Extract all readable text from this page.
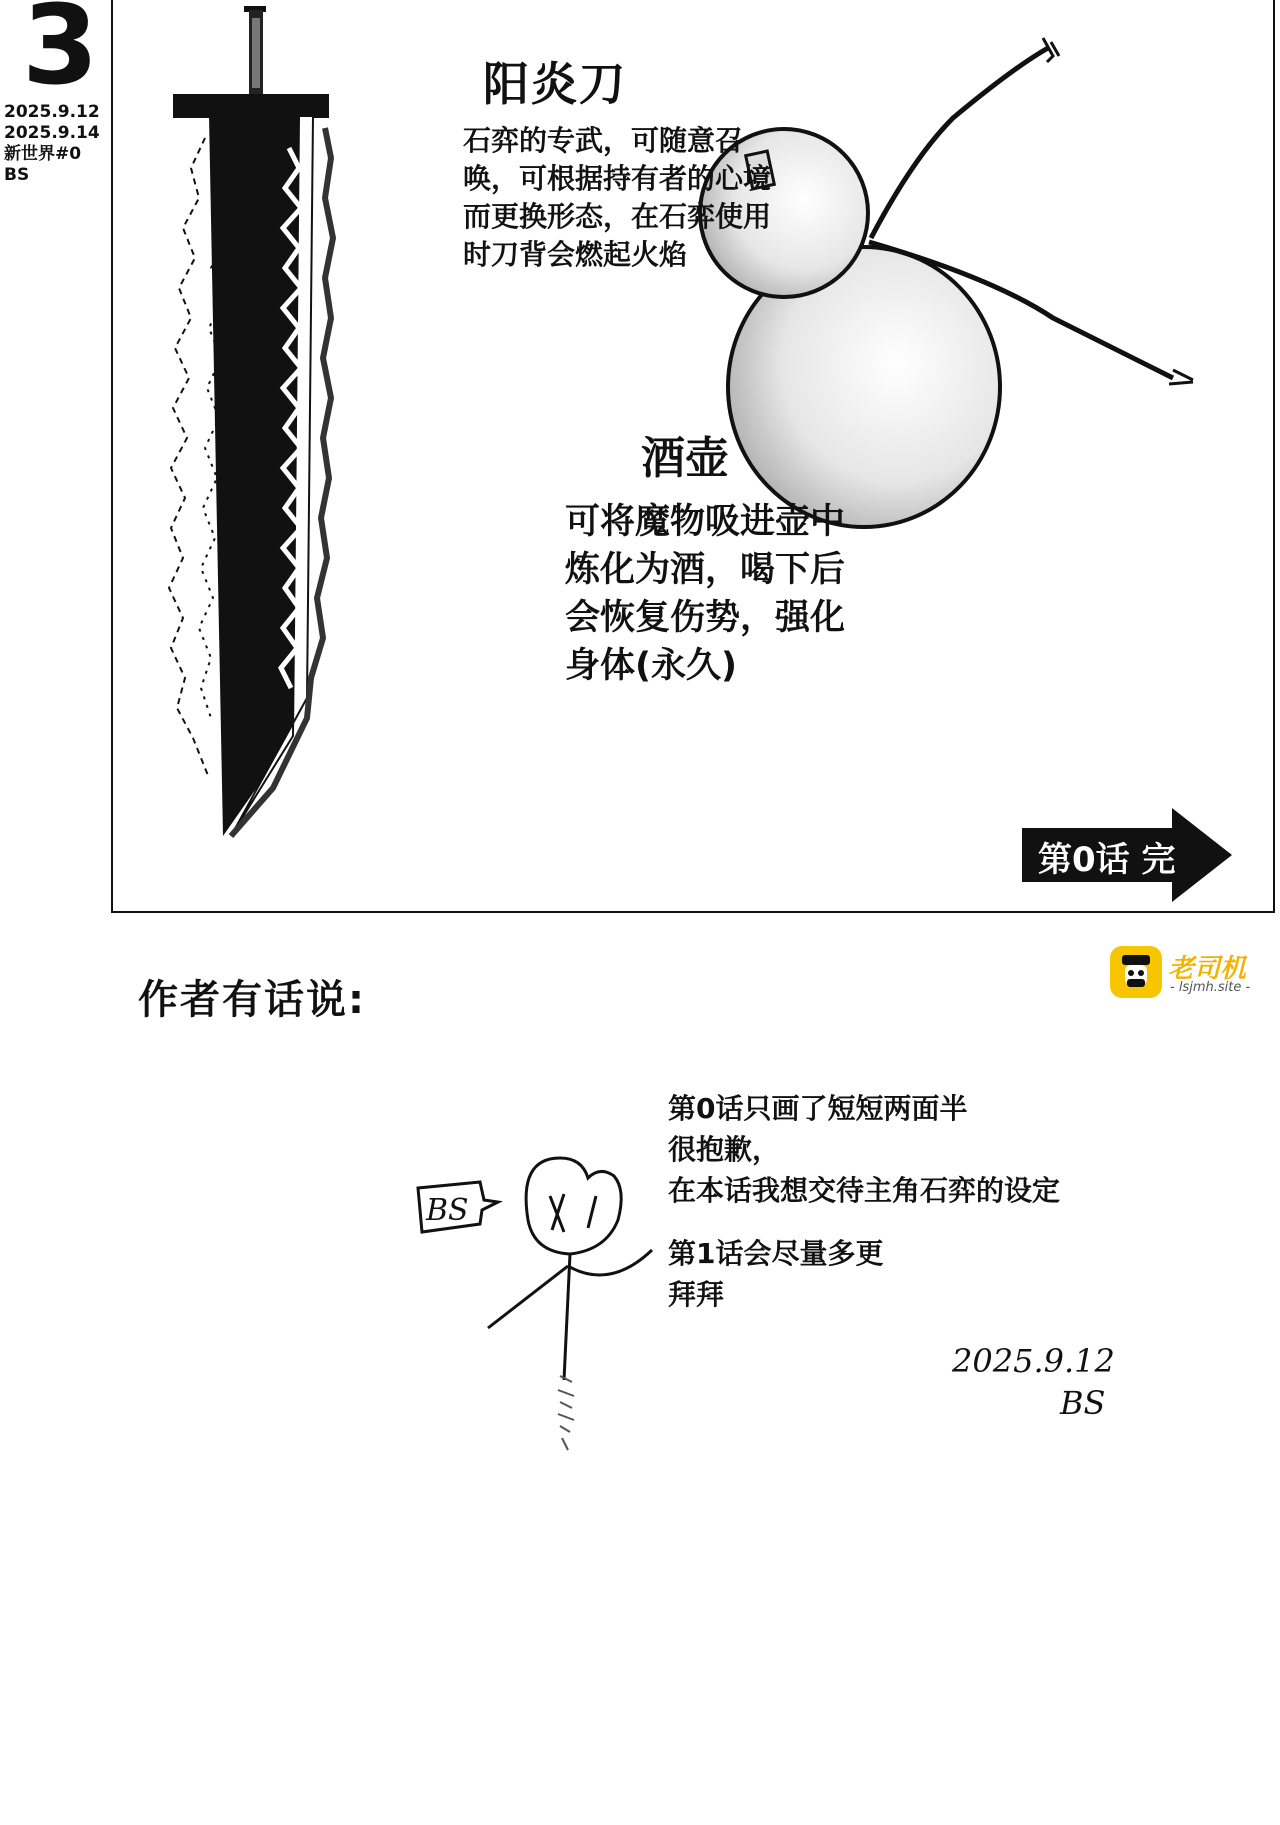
3
2025.9.12
2025.9.14
新世界#0
BS
阳炎刀
石弈的专武，可随意召唤，可根据持有者的心境而更换形态，在石弈使用时刀背会燃起火焰
酒壶
可将魔物吸进壶中炼化为酒，喝下后会恢复伤势，强化身体(永久)
第0话 完
作者有话说:
老司机
- lsjmh.site -
第0话只画了短短两面半
很抱歉，
在本话我想交待主角石弈的设定
第1话会尽量多更
拜拜
BS
2025.9.12
BS
